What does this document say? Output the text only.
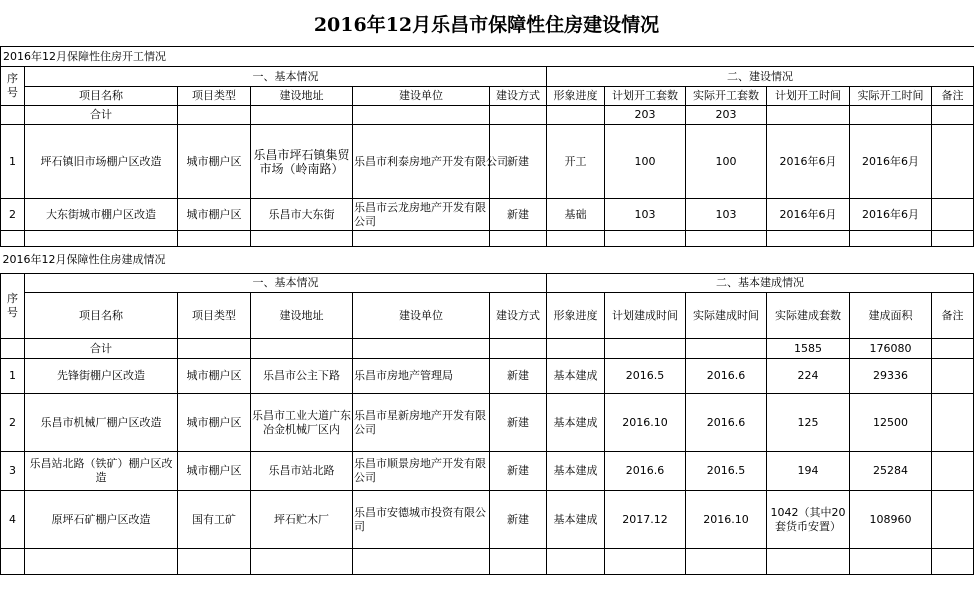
2016年12月乐昌市保障性住房建设情况
2016年12月保障性住房开工情况											
序号	一、基本情况					二、建设情况					
	项目名称	项目类型	建设地址	建设单位	建设方式	形象进度	计划开工套数	实际开工套数	计划开工时间	实际开工时间	备注
	合计						203	203			
1	坪石镇旧市场棚户区改造	城市棚户区	乐昌市坪石镇集贸市场（岭南路）	乐昌市利泰房地产开发有限公司	新建	开工	100	100	2016年6月	2016年6月	
2	大东街城市棚户区改造	城市棚户区	乐昌市大东街	乐昌市云龙房地产开发有限公司	新建	基础	103	103	2016年6月	2016年6月	

2016年12月保障性住房建成情况											
序号	一、基本情况					二、基本建成情况					
	项目名称	项目类型	建设地址	建设单位	建设方式	形象进度	计划建成时间	实际建成时间	实际建成套数	建成面积	备注
	合计								1585	176080	
1	先锋街棚户区改造	城市棚户区	乐昌市公主下路	乐昌市房地产管理局	新建	基本建成	2016.5	2016.6	224	29336	
2	乐昌市机械厂棚户区改造	城市棚户区	乐昌市工业大道广东冶金机械厂区内	乐昌市星新房地产开发有限公司	新建	基本建成	2016.10	2016.6	125	12500	
3	乐昌站北路（铁矿）棚户区改造	城市棚户区	乐昌市站北路	乐昌市顺景房地产开发有限公司	新建	基本建成	2016.6	2016.5	194	25284	
4	原坪石矿棚户区改造	国有工矿	坪石贮木厂	乐昌市安德城市投资有限公司	新建	基本建成	2017.12	2016.10	1042（其中20套货币安置）	108960	
